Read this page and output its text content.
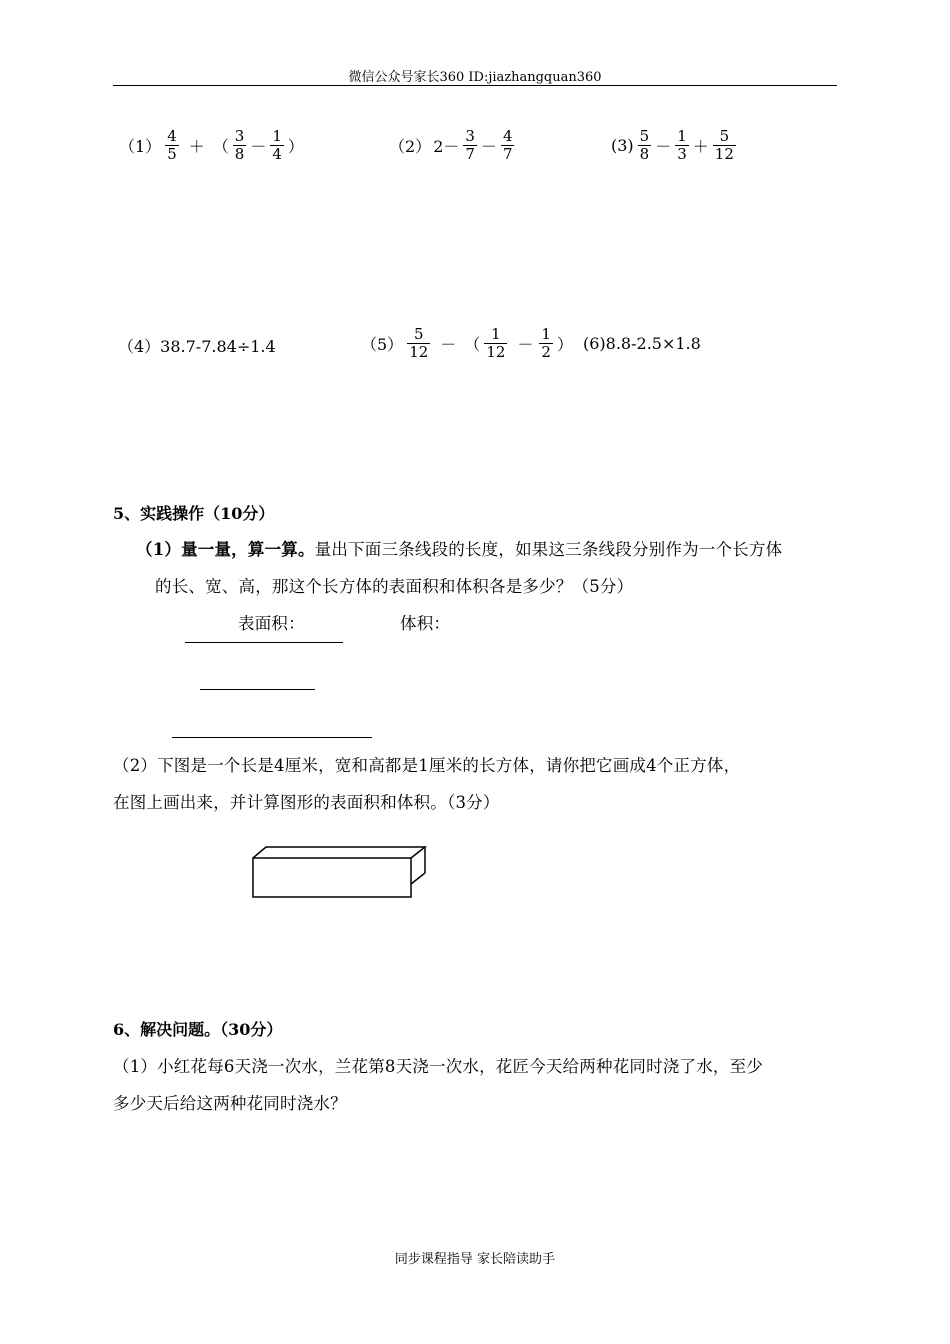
微信公众号家长360 ID:jiazhangquan360
$(1) \frac{4}{5}$ ＋ （ $\frac{3}{8} - \frac{1}{4}$ ）	（2） $2- \frac{3}{7} - \frac{4}{7}$	$(3) \frac{5}{8} - \frac{1}{3} + \frac{5}{12}$
（4）38.7-7.84÷1.4	$(5) \frac{5}{12}$ － （ $\frac{1}{12} - \frac{1}{2}$ ） (6)8.8-2.5×1.8
5、实践操作（10分）
（1）量一量，算一算。量出下面三条线段的长度，如果这三条线段分别作为一个长方体
的长、宽、高，那这个长方体的表面积和体积各是多少？（5分）
表面积：	体积：
（2）下图是一个长是4厘米，宽和高都是1厘米的长方体，请你把它画成4个正方体，
在图上画出来，并计算图形的表面积和体积。（3分）
6、解决问题。（30分）
（1）小红花每6天浇一次水，兰花第8天浇一次水，花匠今天给两种花同时浇了水，至少
多少天后给这两种花同时浇水？
同步课程指导 家长陪读助手
